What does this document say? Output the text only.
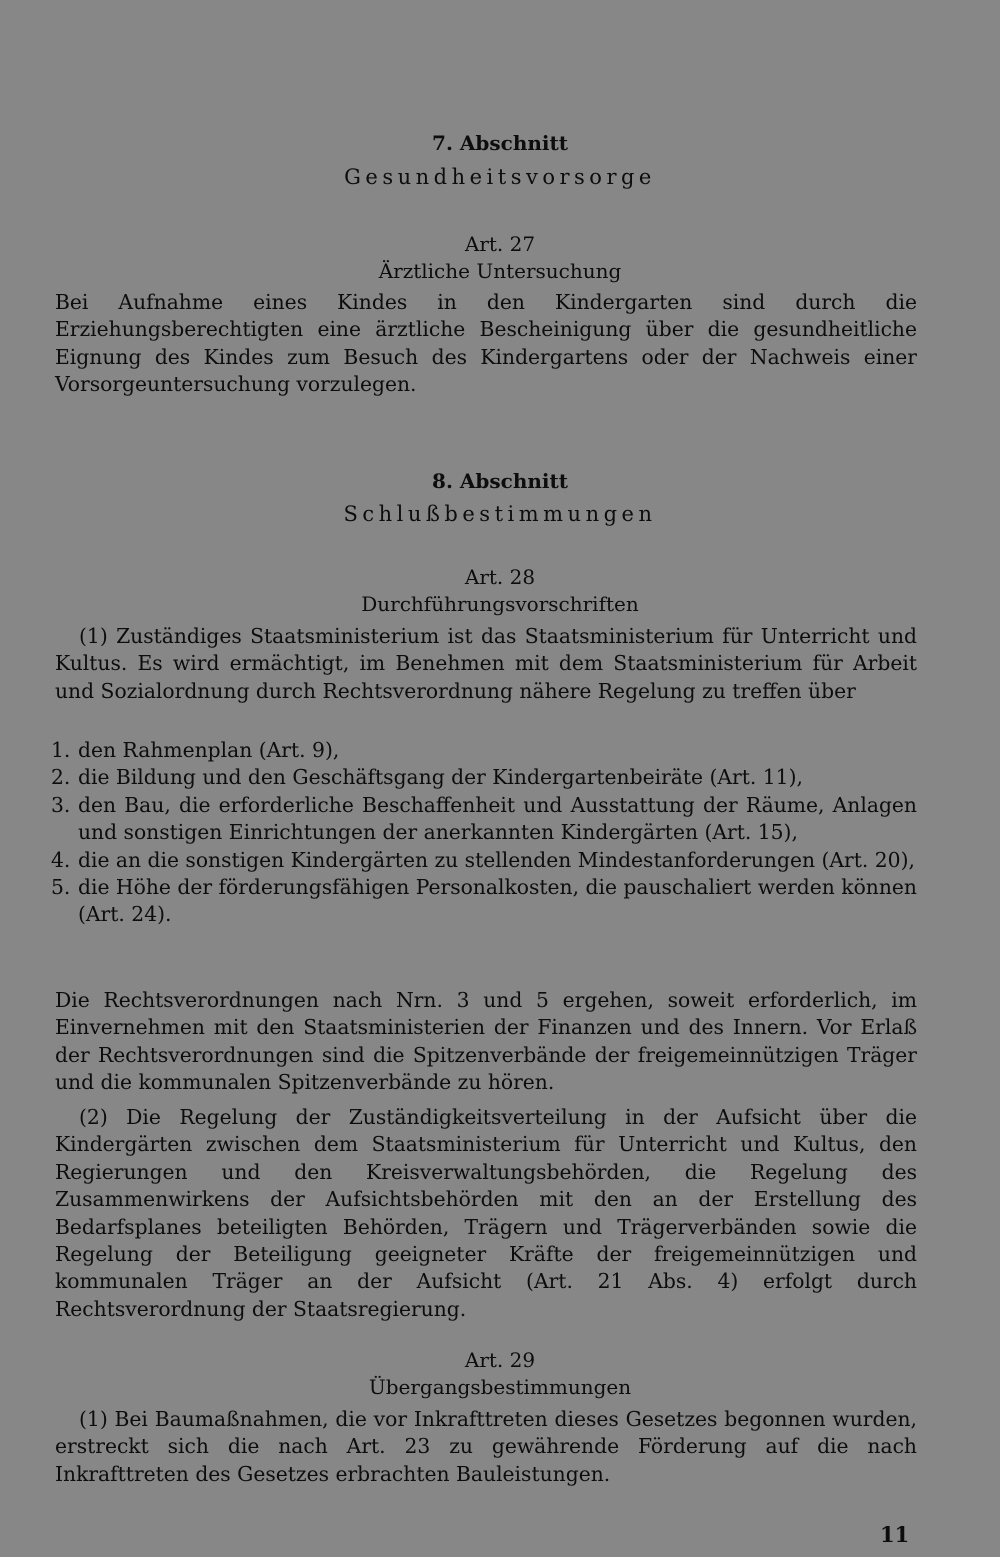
7. Abschnitt
Gesundheitsvorsorge
Art. 27
Ärztliche Untersuchung

Bei Aufnahme eines Kindes in den Kindergarten sind durch die Erziehungsberechtigten eine ärztliche Bescheinigung über die gesundheitliche Eignung des Kindes zum Besuch des Kindergartens oder der Nachweis einer Vorsorgeuntersuchung vorzulegen.

8. Abschnitt
Schlußbestimmungen
Art. 28
Durchführungsvorschriften

(1) Zuständiges Staatsministerium ist das Staatsministerium für Unterricht und Kultus. Es wird ermächtigt, im Benehmen mit dem Staatsministerium für Arbeit und Sozialordnung durch Rechtsverordnung nähere Regelung zu treffen über

1. den Rahmenplan (Art. 9),
2. die Bildung und den Geschäftsgang der Kindergartenbeiräte (Art. 11),
3. den Bau, die erforderliche Beschaffenheit und Ausstattung der Räume, Anlagen und sonstigen Einrichtungen der anerkannten Kindergärten (Art. 15),
4. die an die sonstigen Kindergärten zu stellenden Mindestanforderungen (Art. 20),
5. die Höhe der förderungsfähigen Personalkosten, die pauschaliert werden können (Art. 24).

Die Rechtsverordnungen nach Nrn. 3 und 5 ergehen, soweit erforderlich, im Einvernehmen mit den Staatsministerien der Finanzen und des Innern. Vor Erlaß der Rechtsverordnungen sind die Spitzenverbände der freigemeinnützigen Träger und die kommunalen Spitzenverbände zu hören.

(2) Die Regelung der Zuständigkeitsverteilung in der Aufsicht über die Kindergärten zwischen dem Staatsministerium für Unterricht und Kultus, den Regierungen und den Kreisverwaltungsbehörden, die Regelung des Zusammenwirkens der Aufsichtsbehörden mit den an der Erstellung des Bedarfsplanes beteiligten Behörden, Trägern und Trägerverbänden sowie die Regelung der Beteiligung geeigneter Kräfte der freigemeinnützigen und kommunalen Träger an der Aufsicht (Art. 21 Abs. 4) erfolgt durch Rechtsverordnung der Staatsregierung.

Art. 29
Übergangsbestimmungen

(1) Bei Baumaßnahmen, die vor Inkrafttreten dieses Gesetzes begonnen wurden, erstreckt sich die nach Art. 23 zu gewährende Förderung auf die nach Inkrafttreten des Gesetzes erbrachten Bauleistungen.

11
